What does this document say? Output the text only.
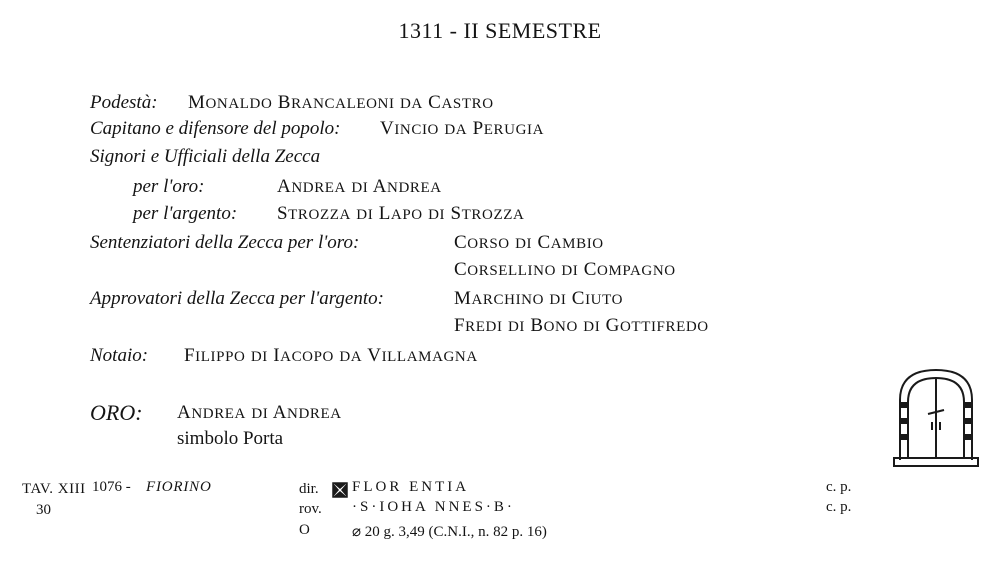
1311 - II SEMESTRE
Podestà: MONALDO BRANCALEONI DA CASTRO
Capitano e difensore del popolo: VINCIO DA PERUGIA
Signori e Ufficiali della Zecca
per l'oro:	ANDREA DI ANDREA
per l'argento: STROZZA DI LAPO DI STROZZA
Sentenziatori della Zecca per l'oro:	CORSO DI CAMBIO
CORSELLINO DI COMPAGNO
Approvatori della Zecca per l'argento:	MARCHINO DI CIUTO
FREDI DI BONO DI GOTTIFREDO
Notaio: FILIPPO DI IACOPO DA VILLAMAGNA
ORO: ANDREA DI ANDREA
simbolo Porta
TAV. XIII
30
1076 - FIORINO	dir. FLOR ENTIA
rov. ·S·IOHA NNES·B·
O	⌀ 20 g. 3,49 (C.N.I., n. 82 p. 16)
c. p.
c. p.
